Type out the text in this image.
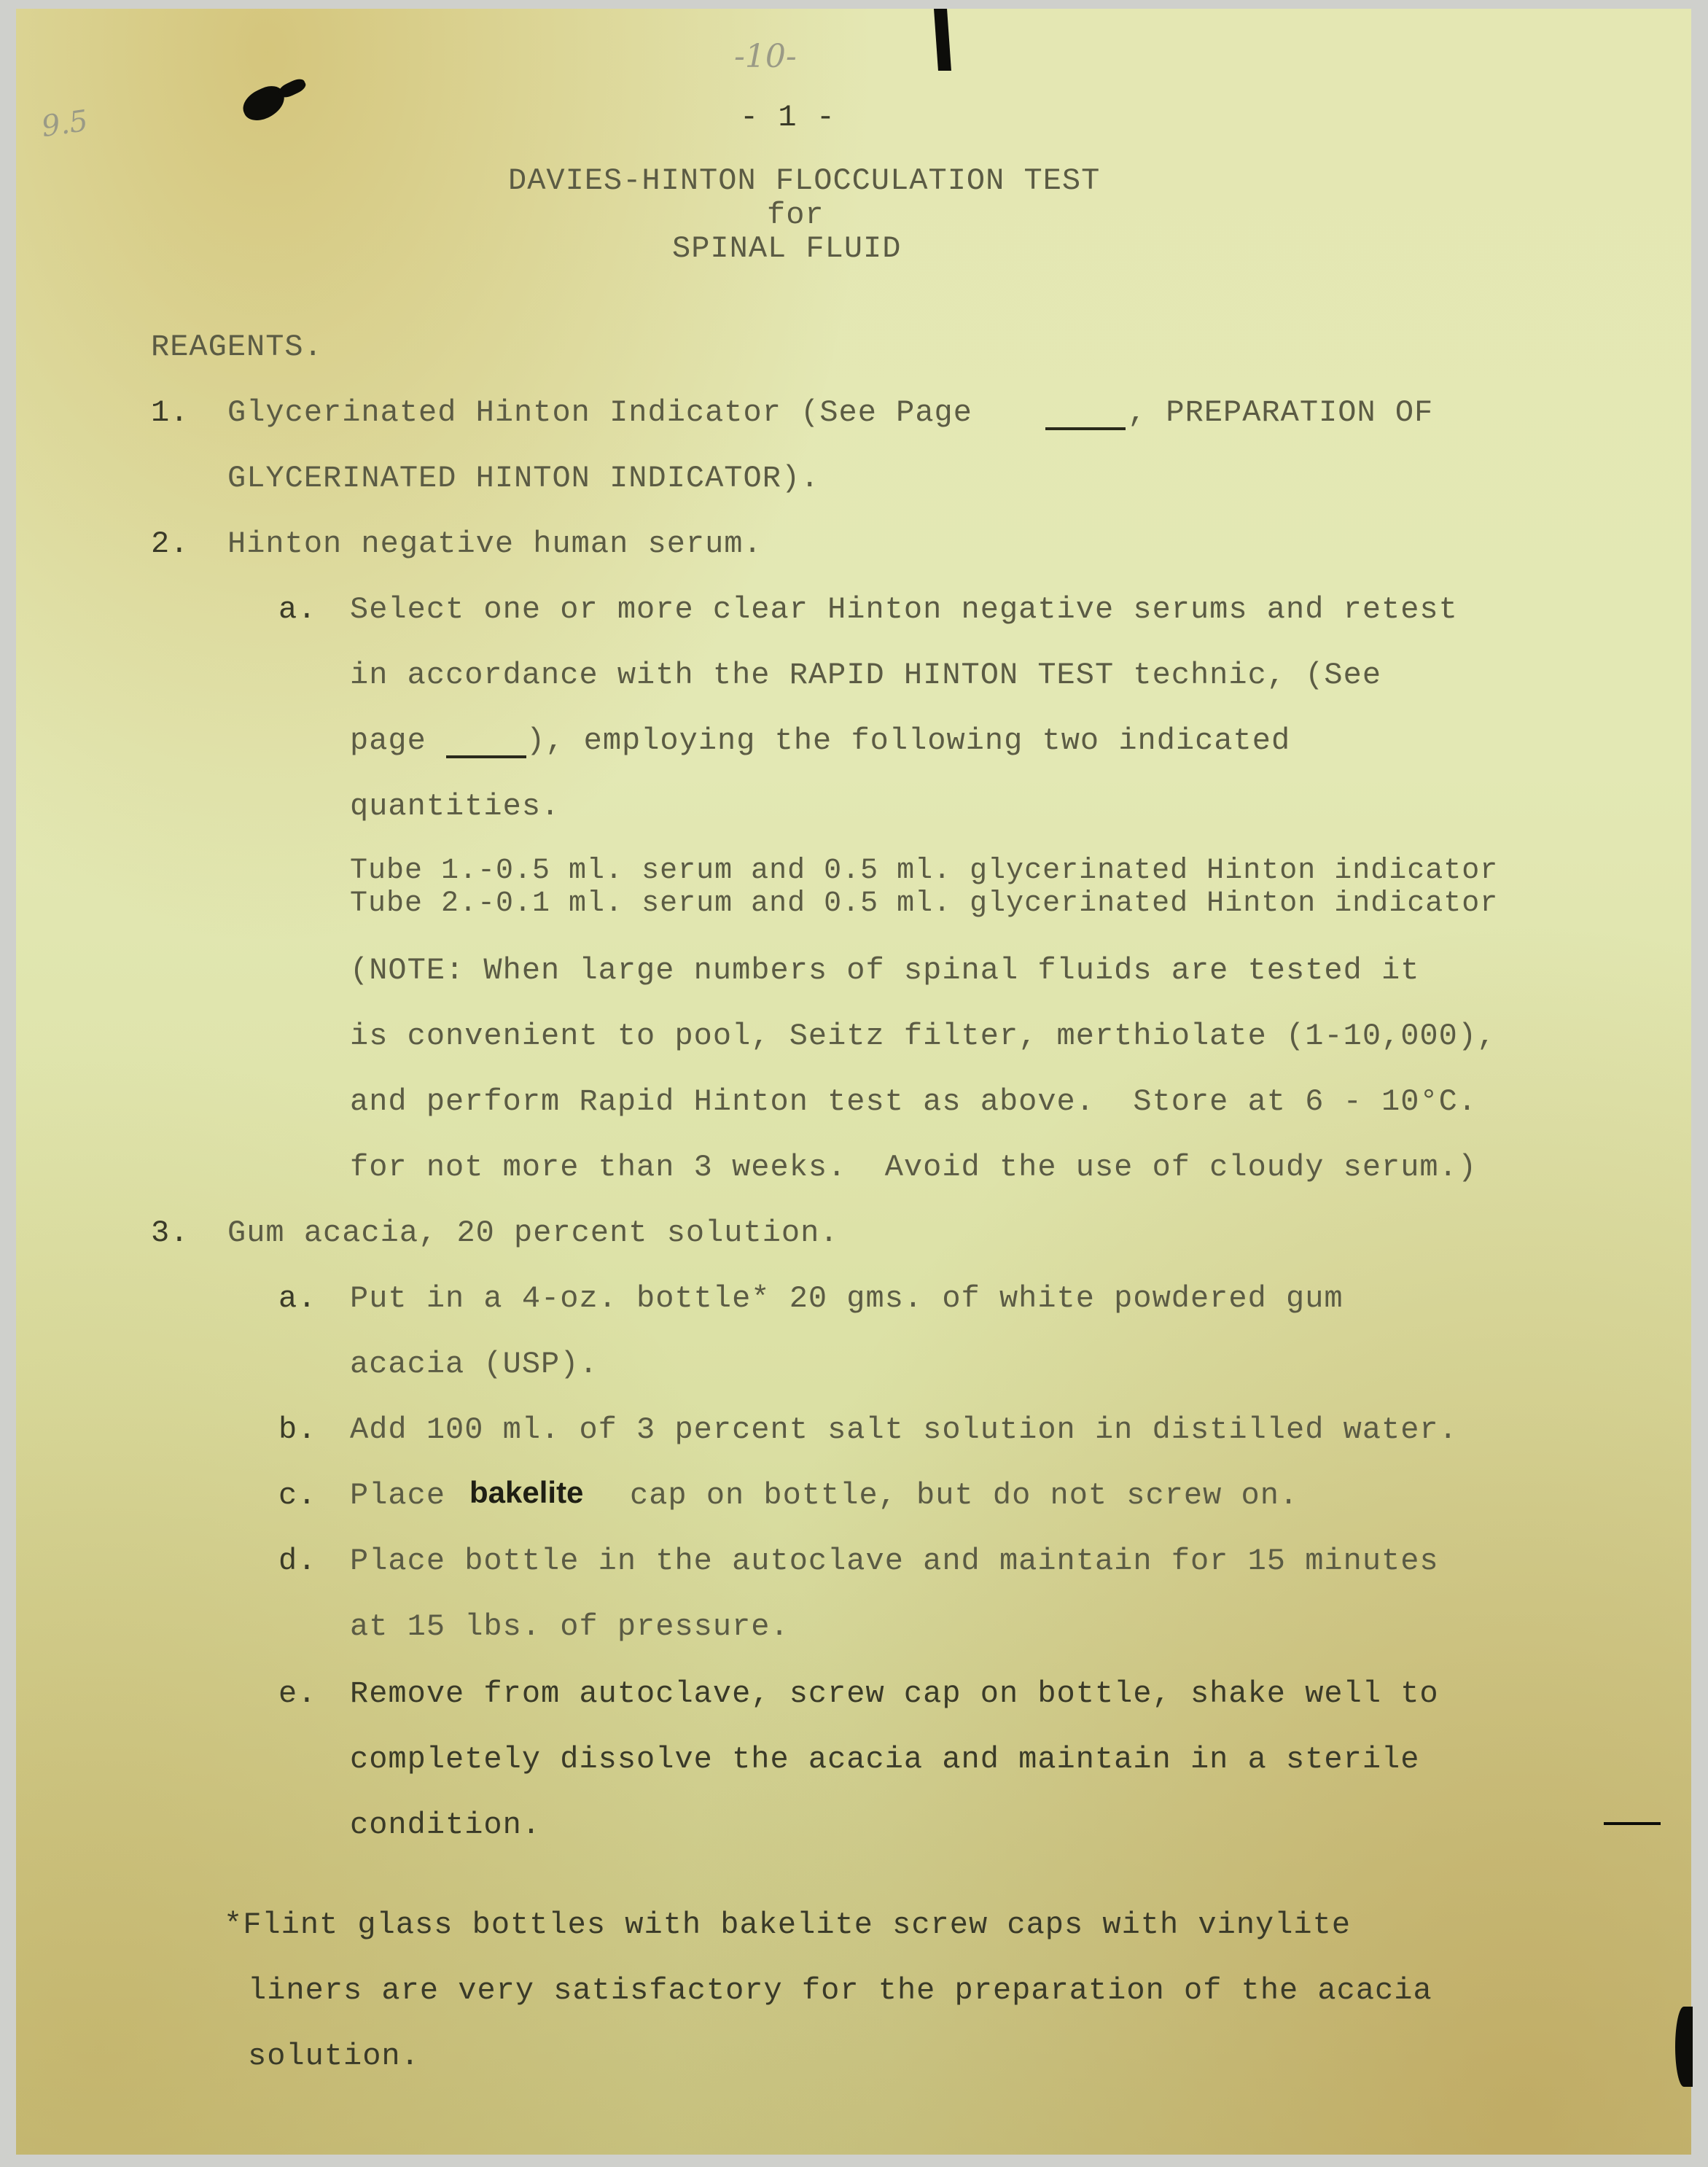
-10-
9.5	- 1 -
DAVIES-HINTON FLOCCULATION TEST
for
SPINAL FLUID
REAGENTS.
1. Glycerinated Hinton Indicator (See Page	, PREPARATION OF
GLYCERINATED HINTON INDICATOR).
2. Hinton negative human serum.
a. Select one or more clear Hinton negative serums and retest
in accordance with the RAPID HINTON TEST technic, (See
page	), employing the following two indicated
quantities.
Tube 1.-0.5 ml. serum and 0.5 ml. glycerinated Hinton indicator
Tube 2.-0.1 ml. serum and 0.5 ml. glycerinated Hinton indicator
(NOTE: When large numbers of spinal fluids are tested it
is convenient to pool, Seitz filter, merthiolate (1-10,000),
and perform Rapid Hinton test as above.  Store at 6 - 10°C.
for not more than 3 weeks.  Avoid the use of cloudy serum.)
3. Gum acacia, 20 percent solution.
a. Put in a 4-oz. bottle* 20 gms. of white powdered gum
acacia (USP).
b. Add 100 ml. of 3 percent salt solution in distilled water.
c. Place bakelite cap on bottle, but do not screw on.
d. Place bottle in the autoclave and maintain for 15 minutes
at 15 lbs. of pressure.
e. Remove from autoclave, screw cap on bottle, shake well to
completely dissolve the acacia and maintain in a sterile
condition.
*Flint glass bottles with bakelite screw caps with vinylite
liners are very satisfactory for the preparation of the acacia
solution.
